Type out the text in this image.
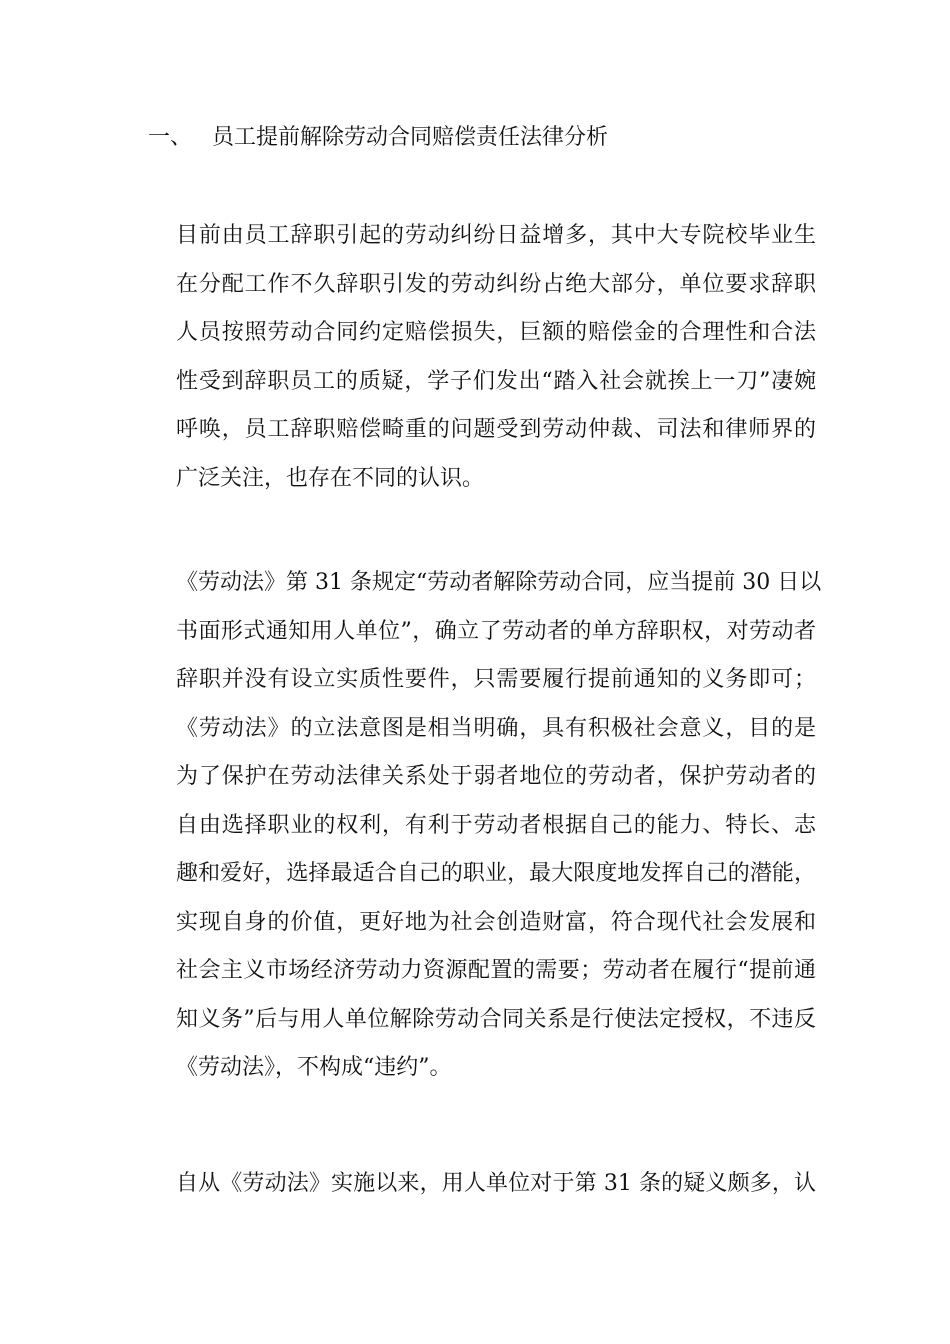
一、 员工提前解除劳动合同赔偿责任法律分析
目前由员工辞职引起的劳动纠纷日益增多，其中大专院校毕业生
在分配工作不久辞职引发的劳动纠纷占绝大部分，单位要求辞职
人员按照劳动合同约定赔偿损失，巨额的赔偿金的合理性和合法
性受到辞职员工的质疑，学子们发出“踏入社会就挨上一刀”凄婉
呼唤，员工辞职赔偿畸重的问题受到劳动仲裁、司法和律师界的
广泛关注，也存在不同的认识。
《劳动法》第 31 条规定“劳动者解除劳动合同，应当提前 30 日以
书面形式通知用人单位”，确立了劳动者的单方辞职权，对劳动者
辞职并没有设立实质性要件，只需要履行提前通知的义务即可；
《劳动法》的立法意图是相当明确，具有积极社会意义，目的是
为了保护在劳动法律关系处于弱者地位的劳动者，保护劳动者的
自由选择职业的权利，有利于劳动者根据自己的能力、特长、志
趣和爱好，选择最适合自己的职业，最大限度地发挥自己的潜能，
实现自身的价值，更好地为社会创造财富，符合现代社会发展和
社会主义市场经济劳动力资源配置的需要；劳动者在履行“提前通
知义务”后与用人单位解除劳动合同关系是行使法定授权，不违反
《劳动法》，不构成“违约”。
自从《劳动法》实施以来，用人单位对于第 31 条的疑义颇多，认
